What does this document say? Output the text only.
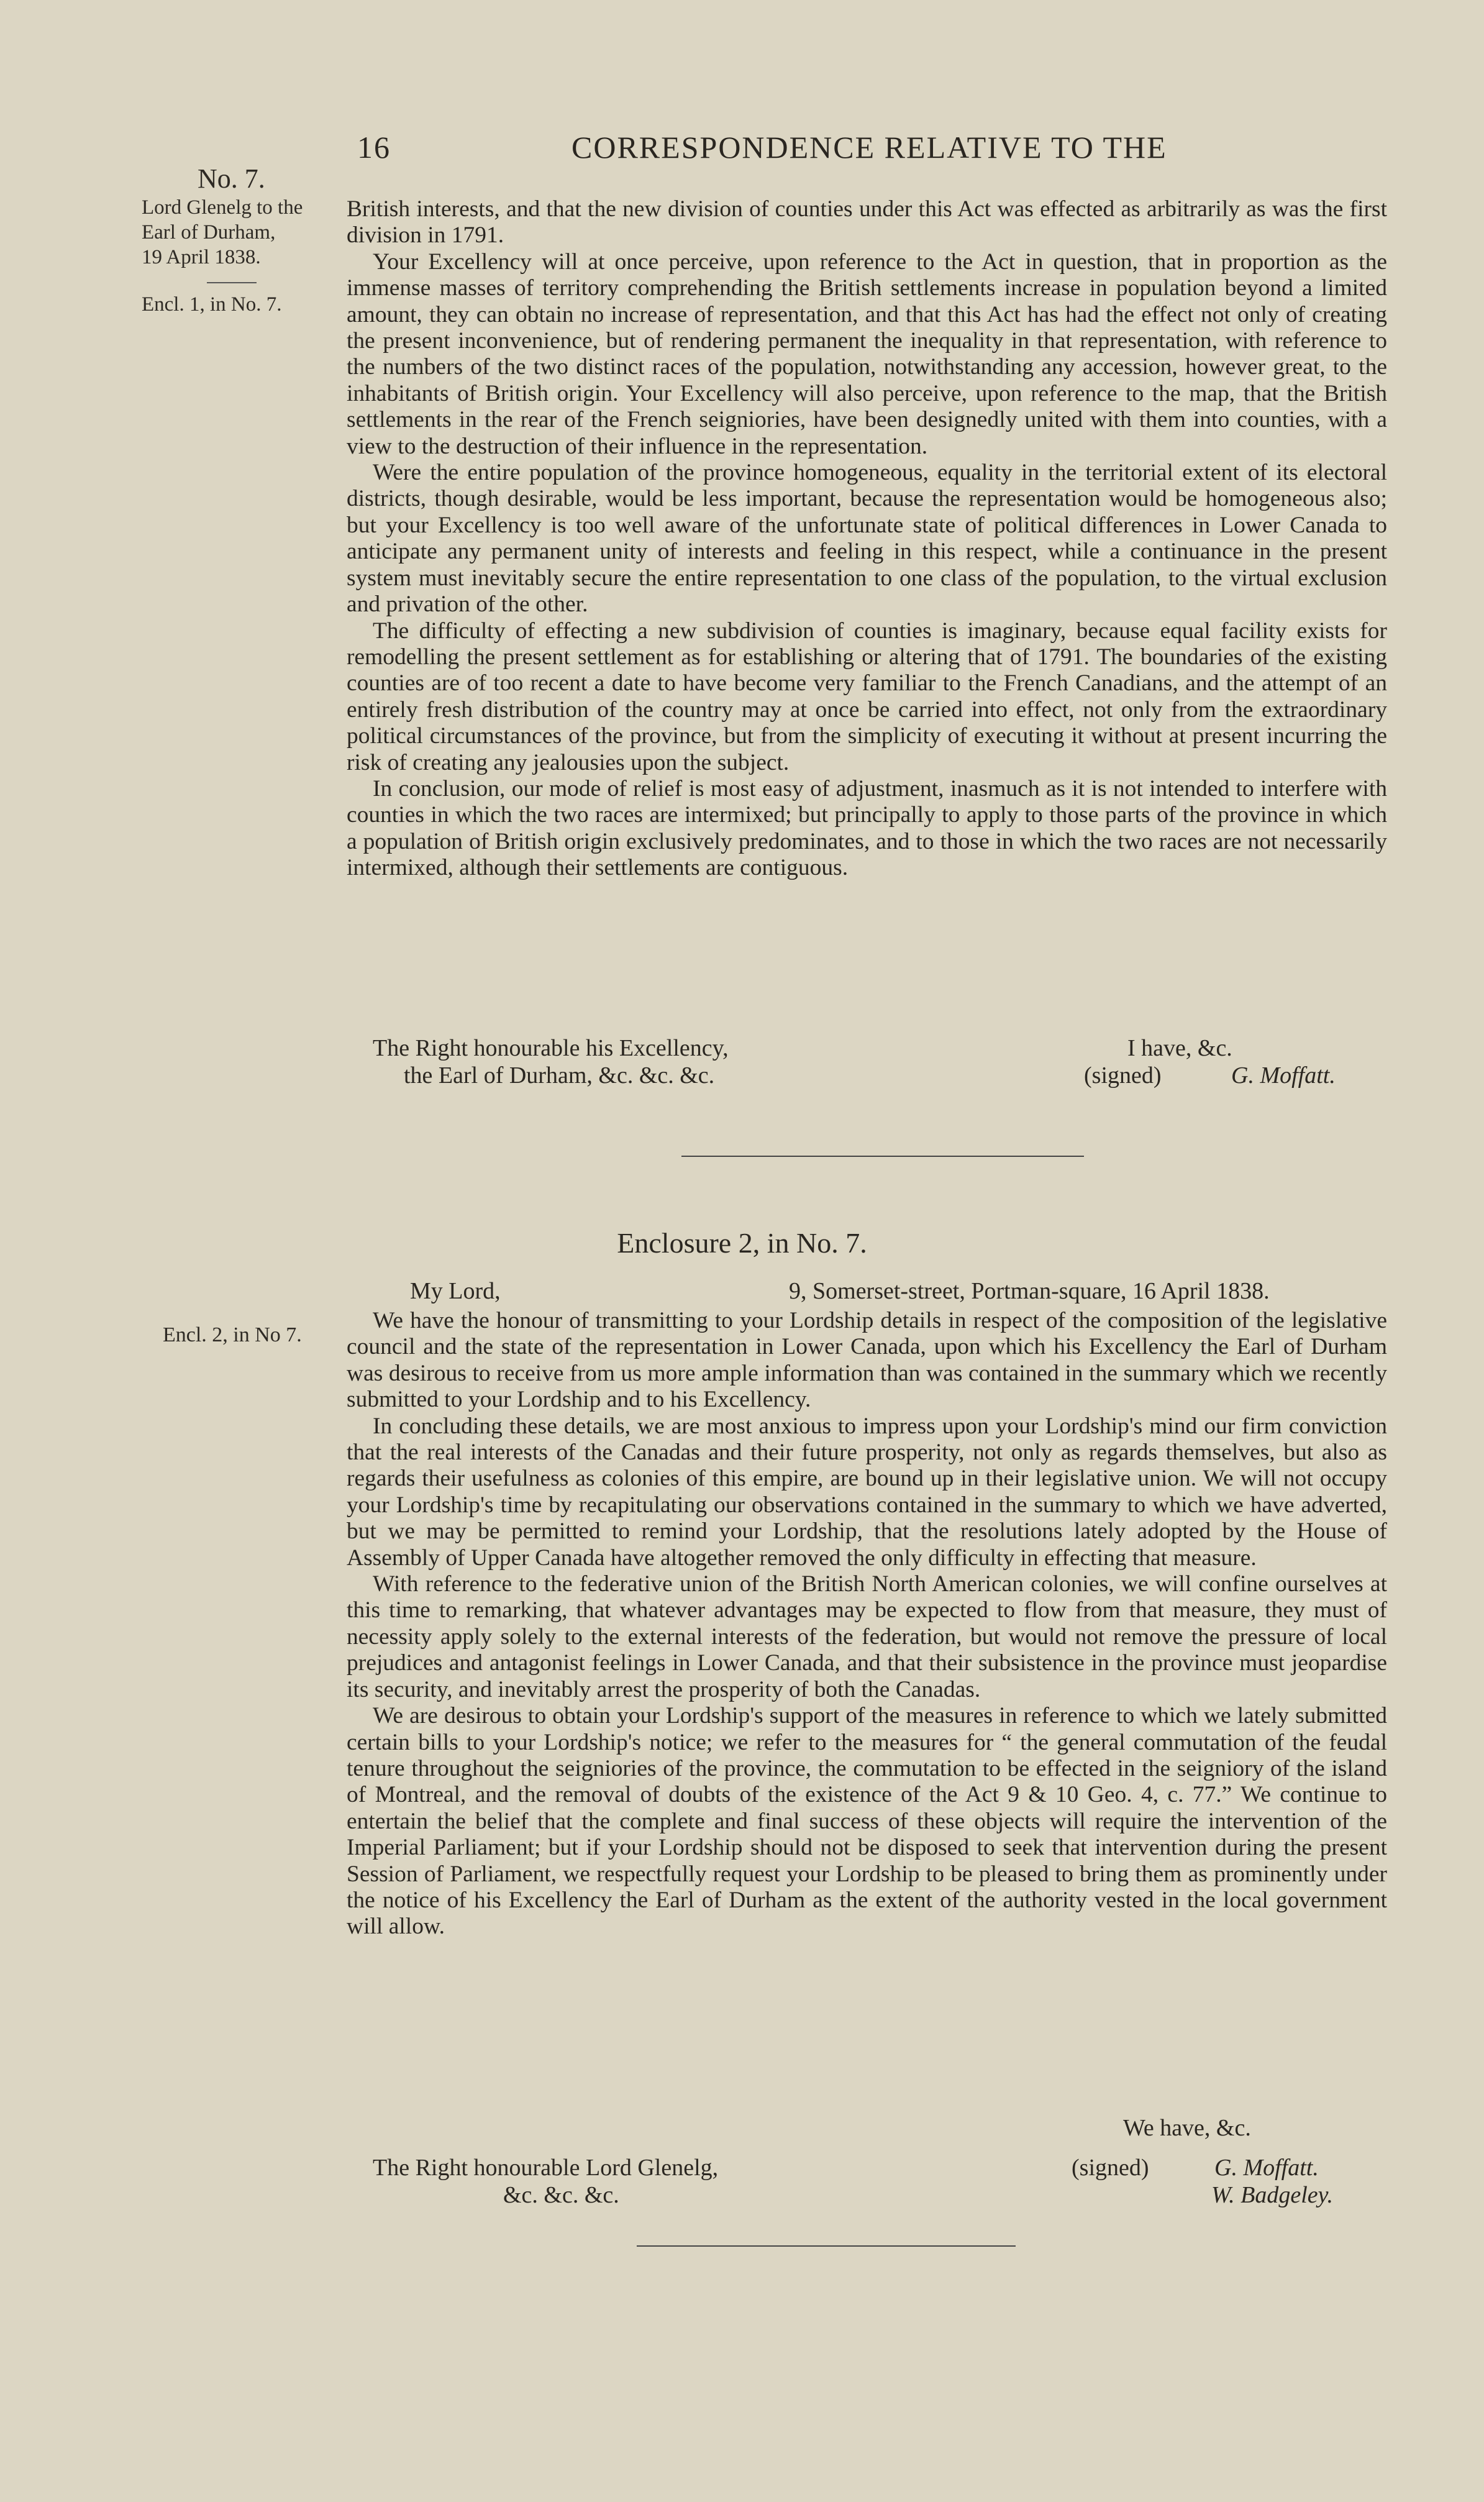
16	CORRESPONDENCE RELATIVE TO THE
No. 7.
Lord Glenelg to the
Earl of Durham,
19 April 1838.
Encl. 1, in No. 7.

British interests, and that the new division of counties under this Act was effected as arbitrarily as was the first division in 1791.

Your Excellency will at once perceive, upon reference to the Act in question, that in proportion as the immense masses of territory comprehending the British settlements increase in population beyond a limited amount, they can obtain no increase of representation, and that this Act has had the effect not only of creating the present inconvenience, but of rendering permanent the inequality in that representation, with reference to the numbers of the two distinct races of the population, notwithstanding any accession, however great, to the inhabitants of British origin. Your Excellency will also perceive, upon reference to the map, that the British settlements in the rear of the French seigniories, have been designedly united with them into counties, with a view to the destruction of their influence in the representation.

Were the entire population of the province homogeneous, equality in the territorial extent of its electoral districts, though desirable, would be less important, because the representation would be homogeneous also; but your Excellency is too well aware of the unfortunate state of political differences in Lower Canada to anticipate any permanent unity of interests and feeling in this respect, while a continuance in the present system must inevitably secure the entire representation to one class of the population, to the virtual exclusion and privation of the other.

The difficulty of effecting a new subdivision of counties is imaginary, because equal facility exists for remodelling the present settlement as for establishing or altering that of 1791. The boundaries of the existing counties are of too recent a date to have become very familiar to the French Canadians, and the attempt of an entirely fresh distribution of the country may at once be carried into effect, not only from the extraordinary political circumstances of the province, but from the simplicity of executing it without at present incurring the risk of creating any jealousies upon the subject.

In conclusion, our mode of relief is most easy of adjustment, inasmuch as it is not intended to interfere with counties in which the two races are intermixed; but principally to apply to those parts of the province in which a population of British origin exclusively predominates, and to those in which the two races are not necessarily intermixed, although their settlements are contiguous.

The Right honourable his Excellency,
the Earl of Durham, &c. &c. &c.
I have, &c.
(signed)	G. Moffatt.
Enclosure 2, in No. 7.
Encl. 2, in No 7.
My Lord,	9, Somerset-street, Portman-square, 16 April 1838.

We have the honour of transmitting to your Lordship details in respect of the composition of the legislative council and the state of the representation in Lower Canada, upon which his Excellency the Earl of Durham was desirous to receive from us more ample information than was contained in the summary which we recently submitted to your Lordship and to his Excellency.

In concluding these details, we are most anxious to impress upon your Lordship's mind our firm conviction that the real interests of the Canadas and their future prosperity, not only as regards themselves, but also as regards their usefulness as colonies of this empire, are bound up in their legislative union. We will not occupy your Lordship's time by recapitulating our observations contained in the summary to which we have adverted, but we may be permitted to remind your Lordship, that the resolutions lately adopted by the House of Assembly of Upper Canada have altogether removed the only difficulty in effecting that measure.

With reference to the federative union of the British North American colonies, we will confine ourselves at this time to remarking, that whatever advantages may be expected to flow from that measure, they must of necessity apply solely to the external interests of the federation, but would not remove the pressure of local prejudices and antagonist feelings in Lower Canada, and that their subsistence in the province must jeopardise its security, and inevitably arrest the prosperity of both the Canadas.

We are desirous to obtain your Lordship's support of the measures in reference to which we lately submitted certain bills to your Lordship's notice; we refer to the measures for “ the general commutation of the feudal tenure throughout the seigniories of the province, the commutation to be effected in the seigniory of the island of Montreal, and the removal of doubts of the existence of the Act 9 & 10 Geo. 4, c. 77.” We continue to entertain the belief that the complete and final success of these objects will require the intervention of the Imperial Parliament; but if your Lordship should not be disposed to seek that intervention during the present Session of Parliament, we respectfully request your Lordship to be pleased to bring them as prominently under the notice of his Excellency the Earl of Durham as the extent of the authority vested in the local government will allow.

We have, &c.
The Right honourable Lord Glenelg,
&c. &c. &c.
(signed)	G. Moffatt.
W. Badgeley.
